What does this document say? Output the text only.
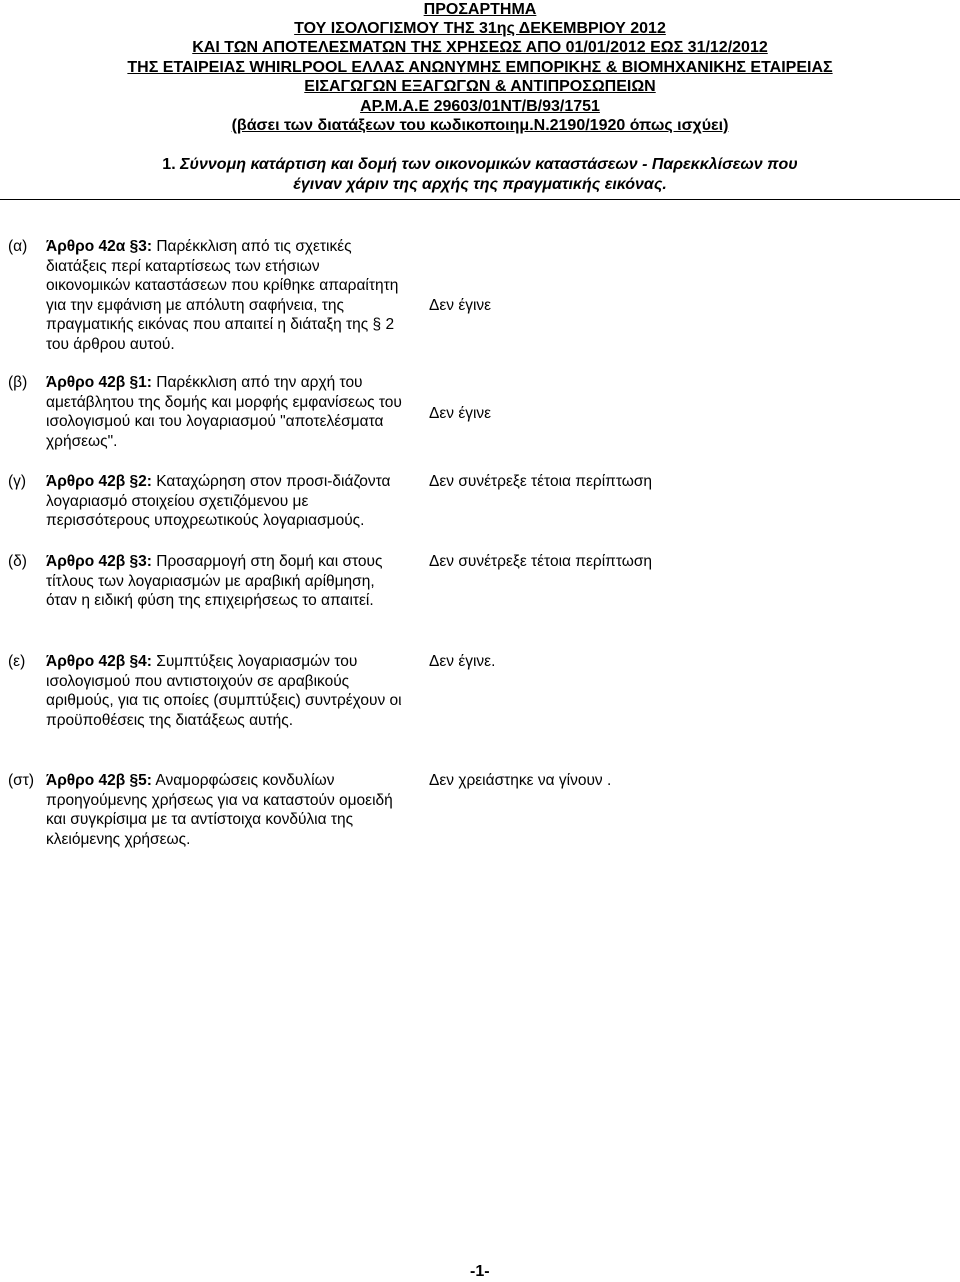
ΠΡΟΣΑΡΤΗΜΑ
ΤΟΥ ΙΣΟΛΟΓΙΣΜΟΥ ΤΗΣ 31ης ΔΕΚΕΜΒΡΙΟΥ 2012
ΚΑΙ ΤΩΝ ΑΠΟΤΕΛΕΣΜΑΤΩΝ ΤΗΣ ΧΡΗΣΕΩΣ ΑΠΟ 01/01/2012 ΕΩΣ 31/12/2012
ΤΗΣ ΕΤΑΙΡΕΙΑΣ WHIRLPOOL ΕΛΛΑΣ ΑΝΩΝΥΜΗΣ ΕΜΠΟΡΙΚΗΣ & ΒΙΟΜΗΧΑΝΙΚΗΣ ΕΤΑΙΡΕΙΑΣ
ΕΙΣΑΓΩΓΩΝ ΕΞΑΓΩΓΩΝ & ΑΝΤΙΠΡΟΣΩΠΕΙΩΝ
ΑΡ.Μ.Α.Ε 29603/01ΝΤ/Β/93/1751
(βάσει των διατάξεων του κωδικοποιημ.Ν.2190/1920 όπως ισχύει)
1. Σύννομη κατάρτιση και δομή των οικονομικών καταστάσεων - Παρεκκλίσεων που
έγιναν χάριν της αρχής της πραγματικής εικόνας.
(α) Άρθρο 42α §3: Παρέκκλιση από τις σχετικές διατάξεις περί καταρτίσεως των ετήσιων οικονομικών καταστάσεων που κρίθηκε απαραίτητη για την εμφάνιση με απόλυτη σαφήνεια, της πραγματικής εικόνας που απαιτεί η διάταξη της § 2 του άρθρου αυτού.
Δεν έγινε
(β) Άρθρο 42β §1: Παρέκκλιση από την αρχή του αμετάβλητου της δομής και μορφής εμφανίσεως του ισολογισμού και του λογαριασμού "αποτελέσματα χρήσεως".
Δεν έγινε
(γ) Άρθρο 42β §2: Καταχώρηση στον προσι-διάζοντα λογαριασμό στοιχείου σχετιζόμενου με περισσότερους υποχρεωτικούς λογαριασμούς.
Δεν συνέτρεξε τέτοια περίπτωση
(δ) Άρθρο 42β §3: Προσαρμογή στη δομή και στους τίτλους των λογαριασμών με αραβική αρίθμηση, όταν η ειδική φύση της επιχειρήσεως το απαιτεί.
Δεν συνέτρεξε τέτοια περίπτωση
(ε) Άρθρο 42β §4: Συμπτύξεις λογαριασμών του ισολογισμού που αντιστοιχούν σε αραβικούς αριθμούς, για τις οποίες (συμπτύξεις) συντρέχουν οι προϋποθέσεις της διατάξεως αυτής.
Δεν έγινε.
(στ) Άρθρο 42β §5: Αναμορφώσεις κονδυλίων προηγούμενης χρήσεως για να καταστούν ομοειδή και συγκρίσιμα με τα αντίστοιχα κονδύλια της κλειόμενης χρήσεως.
Δεν χρειάστηκε να γίνουν .
-1-
